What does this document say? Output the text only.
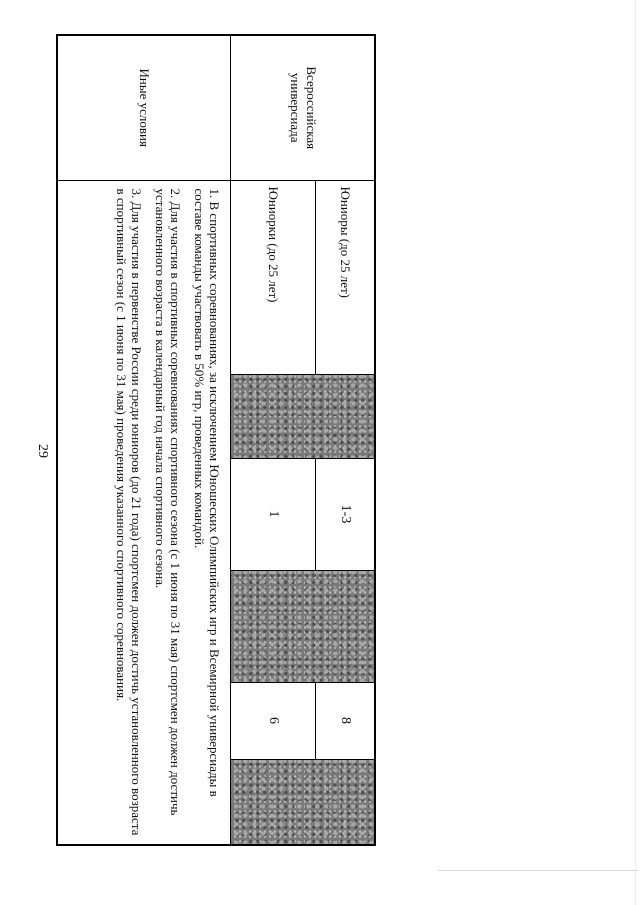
29
Всероссийская универсиада	Юниоры (до 25 лет)		1-3		8	
	Юниорки (до 25 лет)		1		6	
Иные условия	1. В спортивных соревнованиях, за исключением Юношеских Олимпийских игр и Всемирной универсиады в составе команды участвовать в 50% игр, проведенных командой.

2. Для участия в спортивных соревнованиях спортивного сезона (с 1 июня по 31 мая) спортсмен должен достичь установленного возраста в календарный год начала спортивного сезона.

3. Для участия в первенстве России среди юниоров (до 21 года) спортсмен должен достичь установленного возраста в спортивный сезон (с 1 июня по 31 мая) проведения указанного спортивного соревнования.					
